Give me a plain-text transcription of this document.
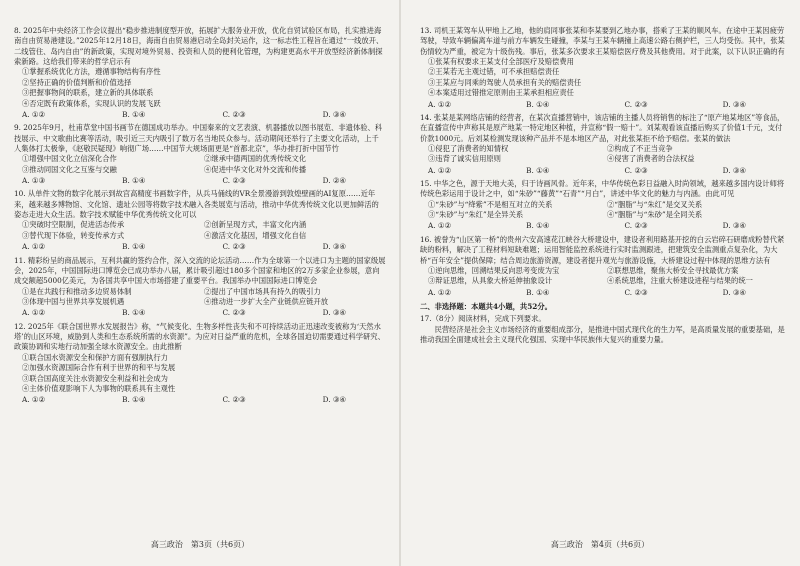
8. 2025年中央经济工作会议提出“稳步推进制度型开放，拓展扩大服务业开放，优化自贸试验区布局，扎实推进海南自由贸易港建设。”2025年12月18日，海南自由贸易港启动全岛封关运作，这一标志性工程旨在通过“一线放开、二线管住、岛内自由”的新政策，实现对境外贸易、投资和人员的便利化管理，为构建更高水平开放型经济新体制探索新路。这给我们带来的哲学启示有

①掌握系统优化方法，遵循事物结构有序性

②坚持正确的价值判断和价值选择

③把握事物间的联系，建立新的具体联系

④否定既有政策体系，实现认识的发展飞跃

A. ①②	B. ①④	C. ②③	D. ③④

9. 2025年9月，杜甫草堂中国书画节在德国成功举办。中国秦来的文艺表演、机器播放以图书展览、非遗体验、科技展示、中文歌曲比赛等活动，吸引近三天内吸引了数万名当地民众参与。活动期间还举行了主要文化活动，上千人集体打太极拳，《赵敬民疑现》响彻广场……中国节大规场面更是“首都北京”，华办排打折中国节竹

①增强中国文化立信深化合作	②继承中德两国的优秀传统文化
③推动同国文化之互鉴与交融	④促进中华文化对外交流和传播
A. ①③	B. ①④	C. ②③	D. ②④

10. 从单件文物的数字化展示到故宫高精度书画数字件，从兵马俑线的VR全景漫游到敦煌壁画的AI复原……近年来，越来越多博物馆、文化馆、遗址公园等将数字技术融入各类展览与活动，推动中华优秀传统文化以更加鲜活的姿态走进大众生活。数字技术赋能中华优秀传统文化可以

①突破时空限制，促进活态传承	②创新呈现方式，丰富文化内涵
③替代现下体验，转变传承方式	④激活文化基因，增强文化自信
A. ①②	B. ①④	C. ②③	D. ③④

11. 精彩纷呈的商品展示，互利共赢的签约合作，深入交流的论坛活动……作为全球第一个以进口为主题的国家级展会，2025年，中国国际进口博览会已成功举办八届，累计吸引超过180多个国家和地区的2万多家企业参展，意向成交额超5000亿美元，为各国共享中国大市场搭建了重要平台。我国举办中国国际进口博览会

①是在共践行和推动多边贸易体制	②提出了中国市场具有持久的吸引力
③体现中国与世界共享发展机遇	④推动进一步扩大全产业链供应链开放
A. ①②	B. ①④	C. ②③	D. ③④

12. 2025年《联合国世界水发展报告》称，“气候变化、生物多样性丧失和不可持续活动正迅速改变被称为‘天然水塔’的山区环境，威胁到人类和生态系统所需的水资源”。为应对日益严重的危机，全球各国迫切需要通过科学研究、政策协调和实地行动加强全球水资源安全。由此推断

①联合国水资源安全和保护方面有强制执行力

②加强水资源国际合作有利于世界的和平与发展

③联合国高度关注水资源安全利益和社会成为

④主体价值观影响下人为事物的联系具有主观性

A. ①②	B. ①④	C. ②③	D. ③④
高三政治　第3页（共6页）

13. 司机王某驾车从甲地上乙地，他的肩同事张某和李某要到乙地办事，搭乘了王某的顺风车。在途中王某因疲劳驾驶，导致车辆偏离车道与前方车辆发生碰撞，李某与王某车辆撞上高速公路右侧护栏，三人均受伤。其中，张某伤情较为严重，被定为十级伤残。事后，张某多次要求王某赔偿医疗费及其他费用。对于此案，以下认识正确的有

①张某有权要求王某支付全部医疗及赔偿费用

②王某若无主观过错，可不承担赔偿责任

③王某应与同乘的驾驶人员承担有关的赔偿责任

④本案适用过错推定原则由王某承担相应责任

A. ①②	B. ①④	C. ②③	D. ③④

14. 张某是某网络店铺的经营者，在某次直播营销中，该店铺的主播人员将销售的标注了“原产地某地区”等食品，在直播宣传中声称其是原产地某一特定地区种植，并宣称“假一赔十”。刘某观看该直播后购买了价值1千元，支付价款1000元。后刘某检测发现该种产品并不是本地区产品，对此张某拒不给予赔偿。张某的做法

①侵犯了消费者的知情权	②构成了不正当竞争
③违背了诚实信用原则	④侵害了消费者的合法权益
A. ①②	B. ①④	C. ②③	D. ③④

15. 中华之色，源于天地大美，归于诗画风骨。近年来，中华传统色彩日益融入时尚领域，越来越多国内设计师将传统色彩运用于设计之中，如“朱砂”“藤黄”“石青”“月白”，讲述中华文化的魅力与内涵。由此可见

①“朱砂”与“绛紫”不是相互对立的关系	②“胭脂”与“朱红”是交叉关系
③“朱砂”与“朱红”是全异关系	④“胭脂”与“朱砂”是全同关系
A. ①②	B. ①④	C. ②③	D. ③④

16. 被誉为“山区第一桥”的贵州六安高速花江峡谷大桥建设中，建设者利用路基开挖的白云岩碎石研磨成粉替代紧缺的粉料，解决了工程材料短缺难题；运用智能监控系统进行实时监测跟进，把建筑安全监测重点复杂化，为大桥“百年安全”提供保障；结合周边旅游资源，建设者提升观光与旅游设施，大桥建设过程中体现的思维方法有

①逆向思维，回溯结果反向思考变废为宝	②联想思维，聚焦大桥安全寻找最优方案
③辩证思维，从具象大桥延伸抽象设计	④系统思维，注重大桥建设进程与结果的统一
A. ①②	B. ①④	C. ②③	D. ③④

二、非选择题：本题共4小题，共52分。

17.（8分）阅读材料，完成下列要求。

民营经济是社会主义市场经济的重要组成部分，是推进中国式现代化的生力军，是高质量发展的重要基础，是推动我国全面建成社会主义现代化强国、实现中华民族伟大复兴的重要力量。

高三政治　第4页（共6页）
